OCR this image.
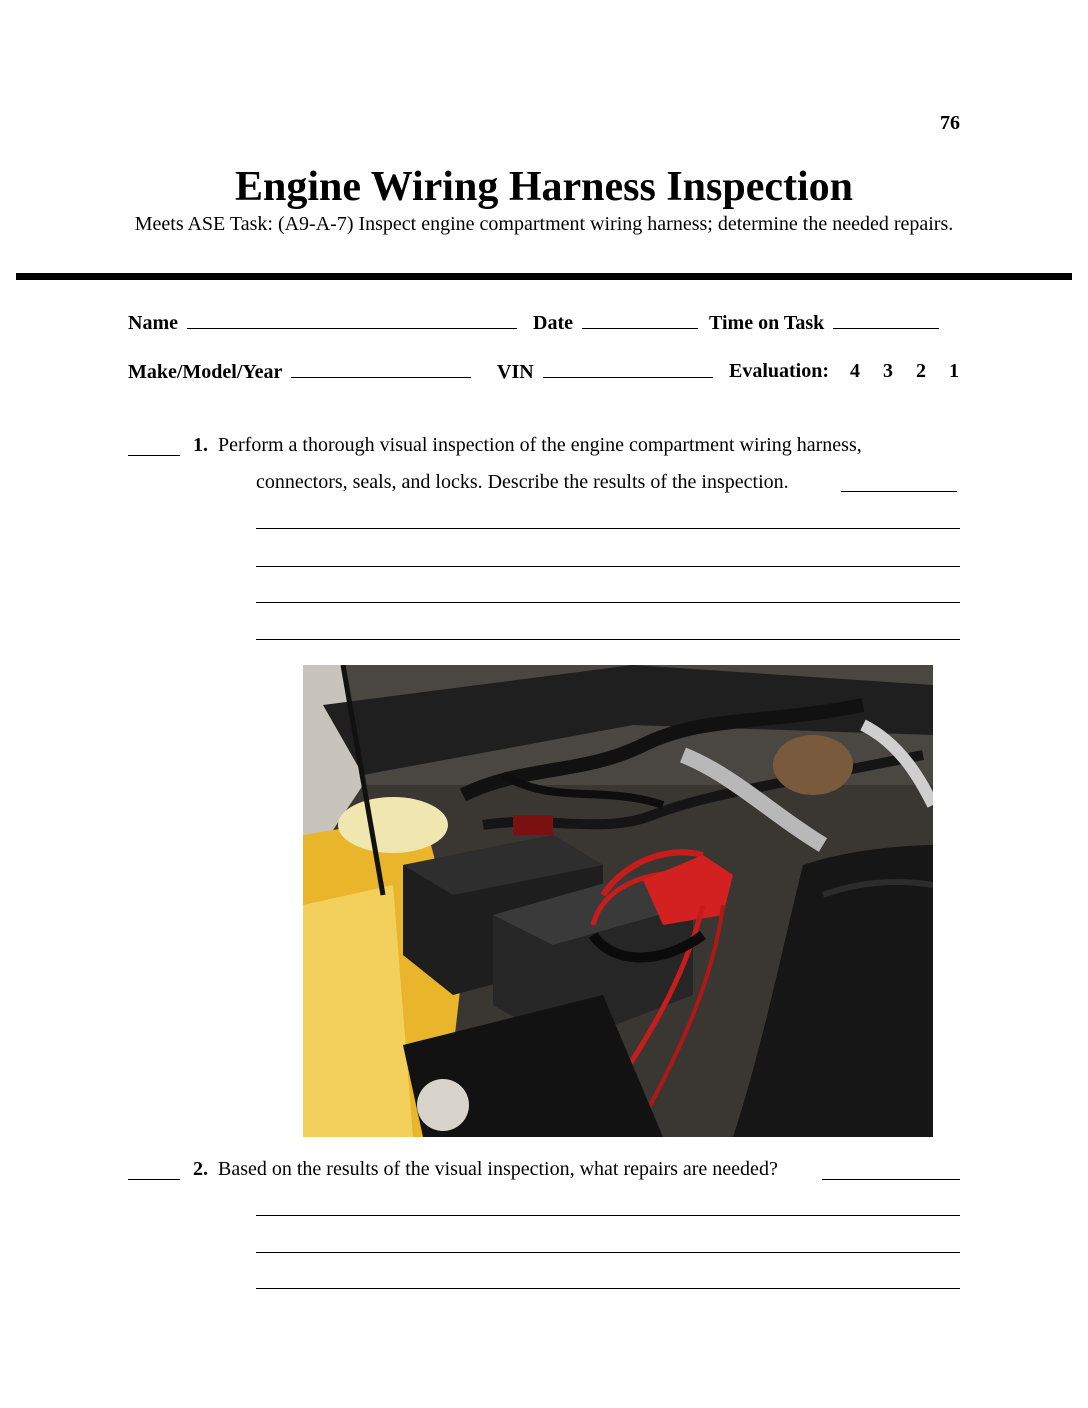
76
Engine Wiring Harness Inspection
Meets ASE Task: (A9-A-7) Inspect engine compartment wiring harness; determine the needed repairs.
Name	Date	Time on Task
Make/Model/Year	VIN	Evaluation: 4 3 2 1
1. Perform a thorough visual inspection of the engine compartment wiring harness,
connectors, seals, and locks. Describe the results of the inspection.
2. Based on the results of the visual inspection, what repairs are needed?
